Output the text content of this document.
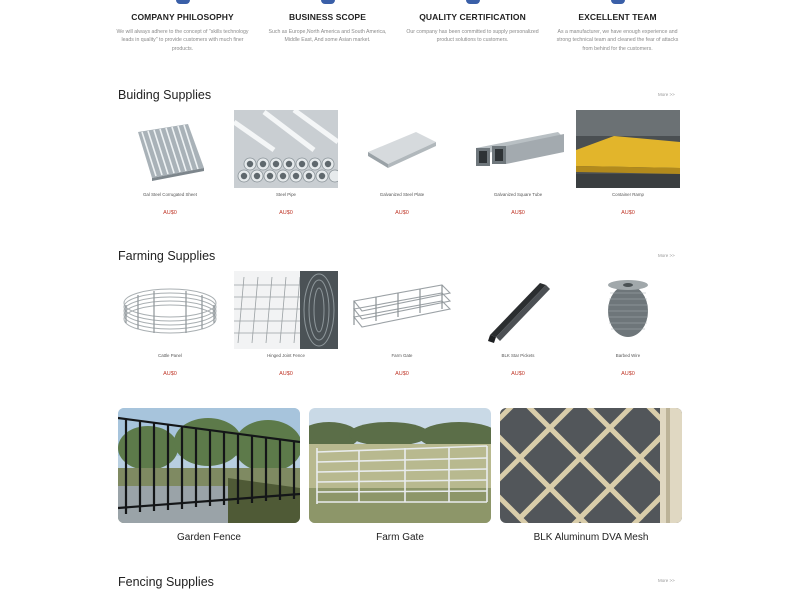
COMPANY PHILOSOPHY

We will always adhere to the concept of "skills technology leads in quality" to provide customers with much finer products.

BUSINESS SCOPE

Such as Europe,North America and South America, Middle East, And some Asian market.

QUALITY CERTIFICATION

Our company has been committed to supply personalized product solutions to customers.

EXCELLENT TEAM

As a manufacturer, we have enough experience and strong technical team and cleaned the fear of attacks from behind for the customers.

Buiding Supplies	More >>
Gal Steel Corrugated Sheet
AU$0
Steel Pipe
AU$0
Galvanized Steel Plate
AU$0
Galvanized Square Tube
AU$0
Container Ramp
AU$0
Farming Supplies	More >>
Cattle Panel
AU$0
Hinged Joint Fence
AU$0
Farm Gate
AU$0
BLK Star Pickets
AU$0
Barbed Wire
AU$0
Garden Fence	Farm Gate	BLK Aluminum DVA Mesh
Fencing Supplies	More >>
